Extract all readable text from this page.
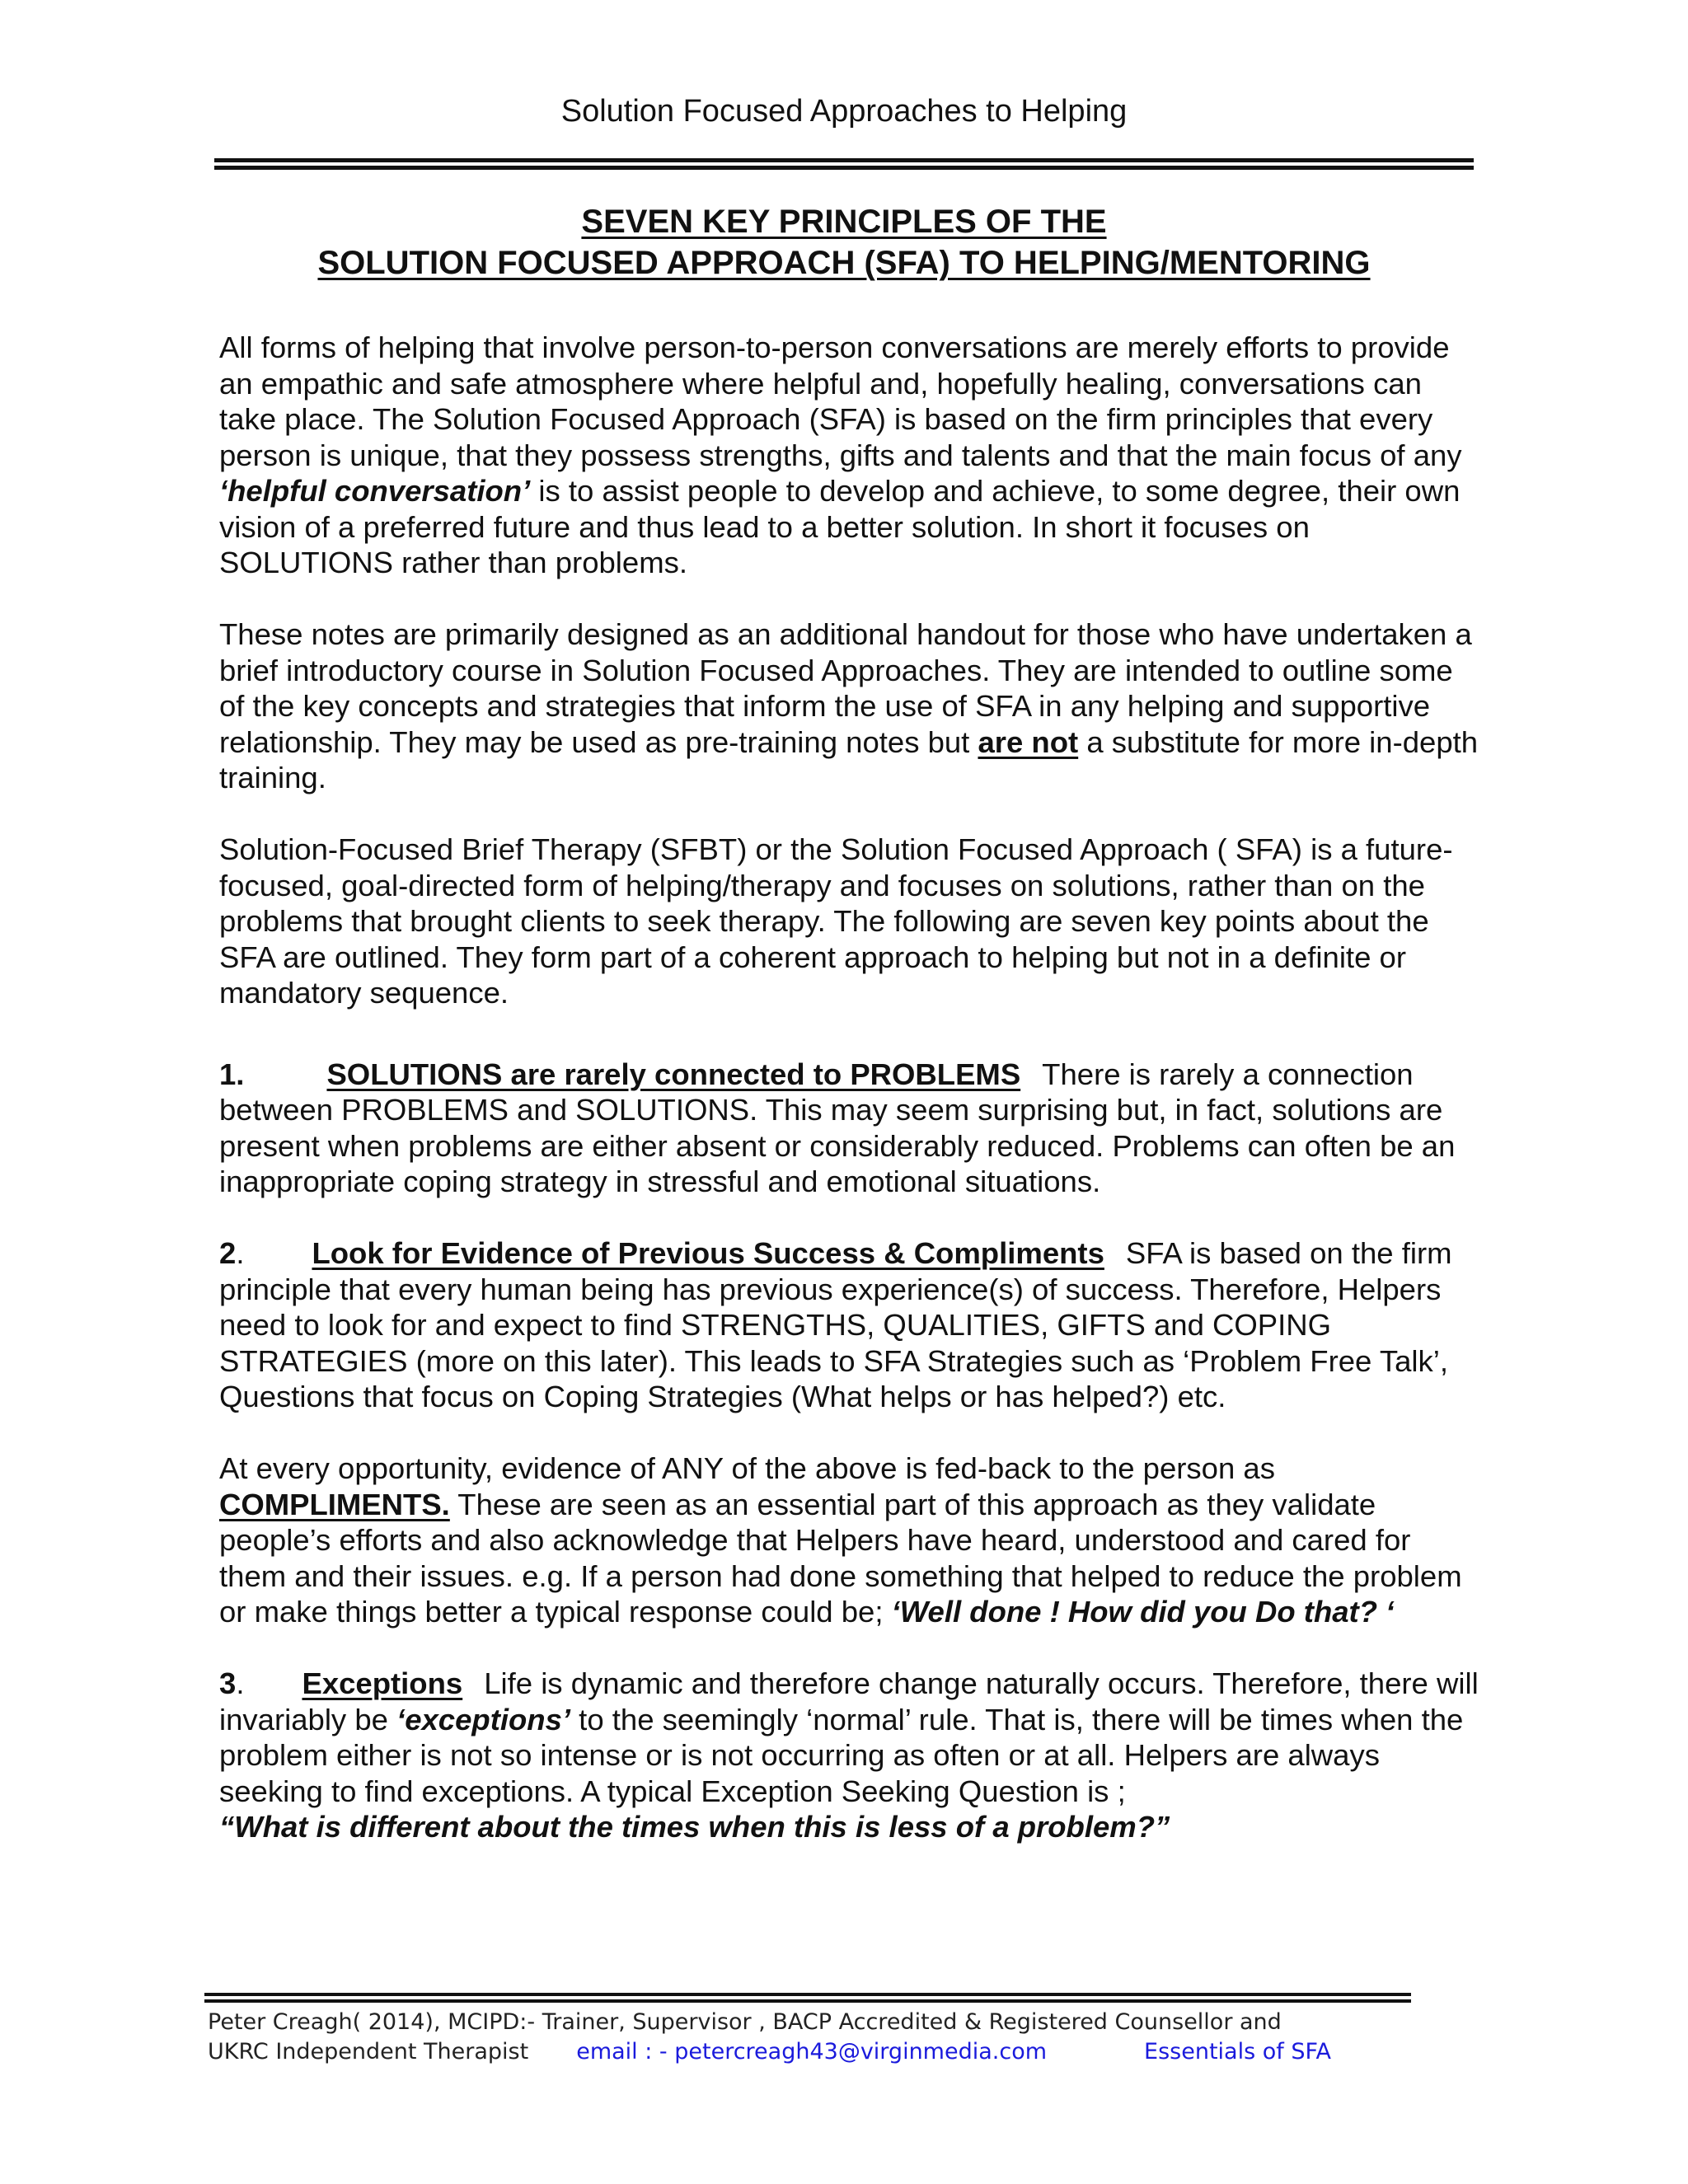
Solution Focused Approaches to Helping
SEVEN KEY PRINCIPLES OF THE
SOLUTION FOCUSED APPROACH (SFA) TO HELPING/MENTORING

All forms of helping that involve person-to-person conversations are merely efforts to provide an empathic and safe atmosphere where helpful and, hopefully healing, conversations can take place. The Solution Focused Approach (SFA) is based on the firm principles that every person is unique, that they possess strengths, gifts and talents and that the main focus of any ‘helpful conversation’ is to assist people to develop and achieve, to some degree, their own vision of a preferred future and thus lead to a better solution. In short it focuses on SOLUTIONS rather than problems.

These notes are primarily designed as an additional handout for those who have undertaken a brief introductory course in Solution Focused Approaches. They are intended to outline some of the key concepts and strategies that inform the use of SFA in any helping and supportive relationship. They may be used as pre-training notes but are not a substitute for more in-depth training.

Solution-Focused Brief Therapy (SFBT) or the Solution Focused Approach ( SFA) is a future-focused, goal-directed form of helping/therapy and focuses on solutions, rather than on the problems that brought clients to seek therapy. The following are seven key points about the SFA are outlined. They form part of a coherent approach to helping but not in a definite or mandatory sequence.

1.	SOLUTIONS are rarely connected to PROBLEMS There is rarely a connection between PROBLEMS and SOLUTIONS. This may seem surprising but, in fact, solutions are present when problems are either absent or considerably reduced. Problems can often be an inappropriate coping strategy in stressful and emotional situations.

2. Look for Evidence of Previous Success & Compliments SFA is based on the firm principle that every human being has previous experience(s) of success. Therefore, Helpers need to look for and expect to find STRENGTHS, QUALITIES, GIFTS and COPING STRATEGIES (more on this later). This leads to SFA Strategies such as ‘Problem Free Talk’, Questions that focus on Coping Strategies (What helps or has helped?) etc.

At every opportunity, evidence of ANY of the above is fed-back to the person as COMPLIMENTS. These are seen as an essential part of this approach as they validate people’s efforts and also acknowledge that Helpers have heard, understood and cared for them and their issues. e.g. If a person had done something that helped to reduce the problem or make things better a typical response could be; ‘Well done ! How did you Do that? ‘

3. Exceptions Life is dynamic and therefore change naturally occurs. Therefore, there will invariably be ‘exceptions’ to the seemingly ‘normal’ rule. That is, there will be times when the problem either is not so intense or is not occurring as often or at all. Helpers are always seeking to find exceptions. A typical Exception Seeking Question is ;
“What is different about the times when this is less of a problem?”

Peter Creagh( 2014), MCIPD:- Trainer, Supervisor , BACP Accredited & Registered Counsellor and
UKRC Independent Therapist email : - petercreagh43@virginmedia.com	Essentials of SFA
